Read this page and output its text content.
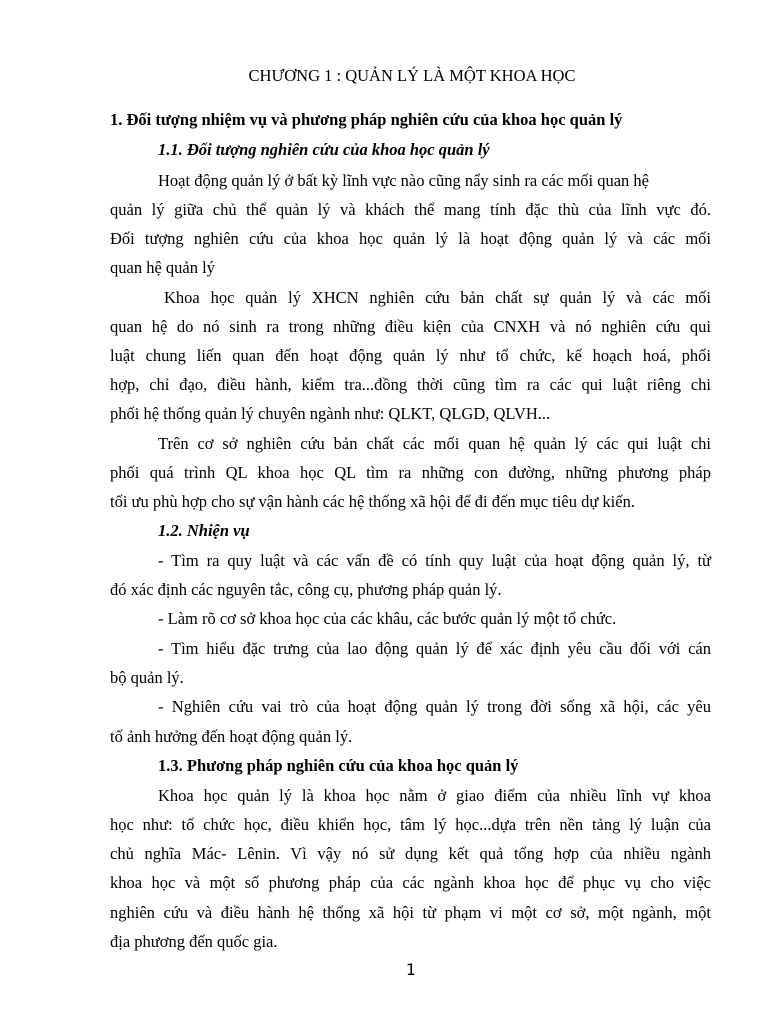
CHƯƠNG 1 : QUẢN LÝ LÀ MỘT KHOA HỌC
1. Đối tượng nhiệm vụ và phương pháp nghiên cứu của khoa học quản lý
1.1. Đối tượng nghiên cứu của khoa học quản lý
Hoạt động quản lý ở bất kỳ lĩnh vực nào cũng nẩy sinh ra các mối quan hệ
quản lý giữa chủ thể quản lý và khách thể mang tính đặc thù của lĩnh vực đó.
Đối tượng nghiên cứu của khoa học quản lý là hoạt động quản lý và các mối
quan hệ quản lý
Khoa học quản lý XHCN nghiên cứu bản chất sự quản lý và các mối
quan hệ do nó sinh ra trong những điều kiện của CNXH và nó nghiên cứu qui
luật chung liến quan đến hoạt động quản lý như tổ chức, kế hoạch hoá, phối
hợp, chỉ đạo, điều hành, kiểm tra...đồng thời cũng tìm ra các qui luật riêng chi
phối hệ thống quản lý chuyên ngành như: QLKT, QLGD, QLVH...
Trên cơ sở nghiên cứu bản chất các mối quan hệ quản lý các qui luật chi
phối quá trình QL khoa học QL tìm ra những con đường, những phương pháp
tối ưu phù hợp cho sự vận hành các hệ thống xã hội để đi đến mục tiêu dự kiến.
1.2. Nhiện vụ
- Tìm ra quy luật và các vấn đề có tính quy luật của hoạt động quản lý, từ
đó xác định các nguyên tắc, công cụ, phương pháp quản lý.
- Làm rõ cơ sở khoa học của các khâu, các bước quản lý một tổ chức.
- Tìm hiểu đặc trưng của lao động quản lý để xác định yêu cầu đối với cán
bộ quản lý.
- Nghiên cứu vai trò của hoạt động quản lý trong đời sống xã hội, các yêu
tố ảnh hưởng đến hoạt động quản lý.
1.3. Phương pháp nghiên cứu của khoa học quản lý
Khoa học quản lý là khoa học nằm ở giao điểm của nhiều lĩnh vự khoa
học như: tổ chức học, điều khiển học, tâm lý học...dựa trên nền tảng lý luận của
chủ nghĩa Mác- Lênin. Vì vậy nó sử dụng kết quả tổng hợp của nhiều ngành
khoa học và một số phương pháp của các ngành khoa học để phục vụ cho việc
nghiên cứu và điều hành hệ thống xã hội từ phạm vi một cơ sở, một ngành, một
địa phương đến quốc gia.
1
